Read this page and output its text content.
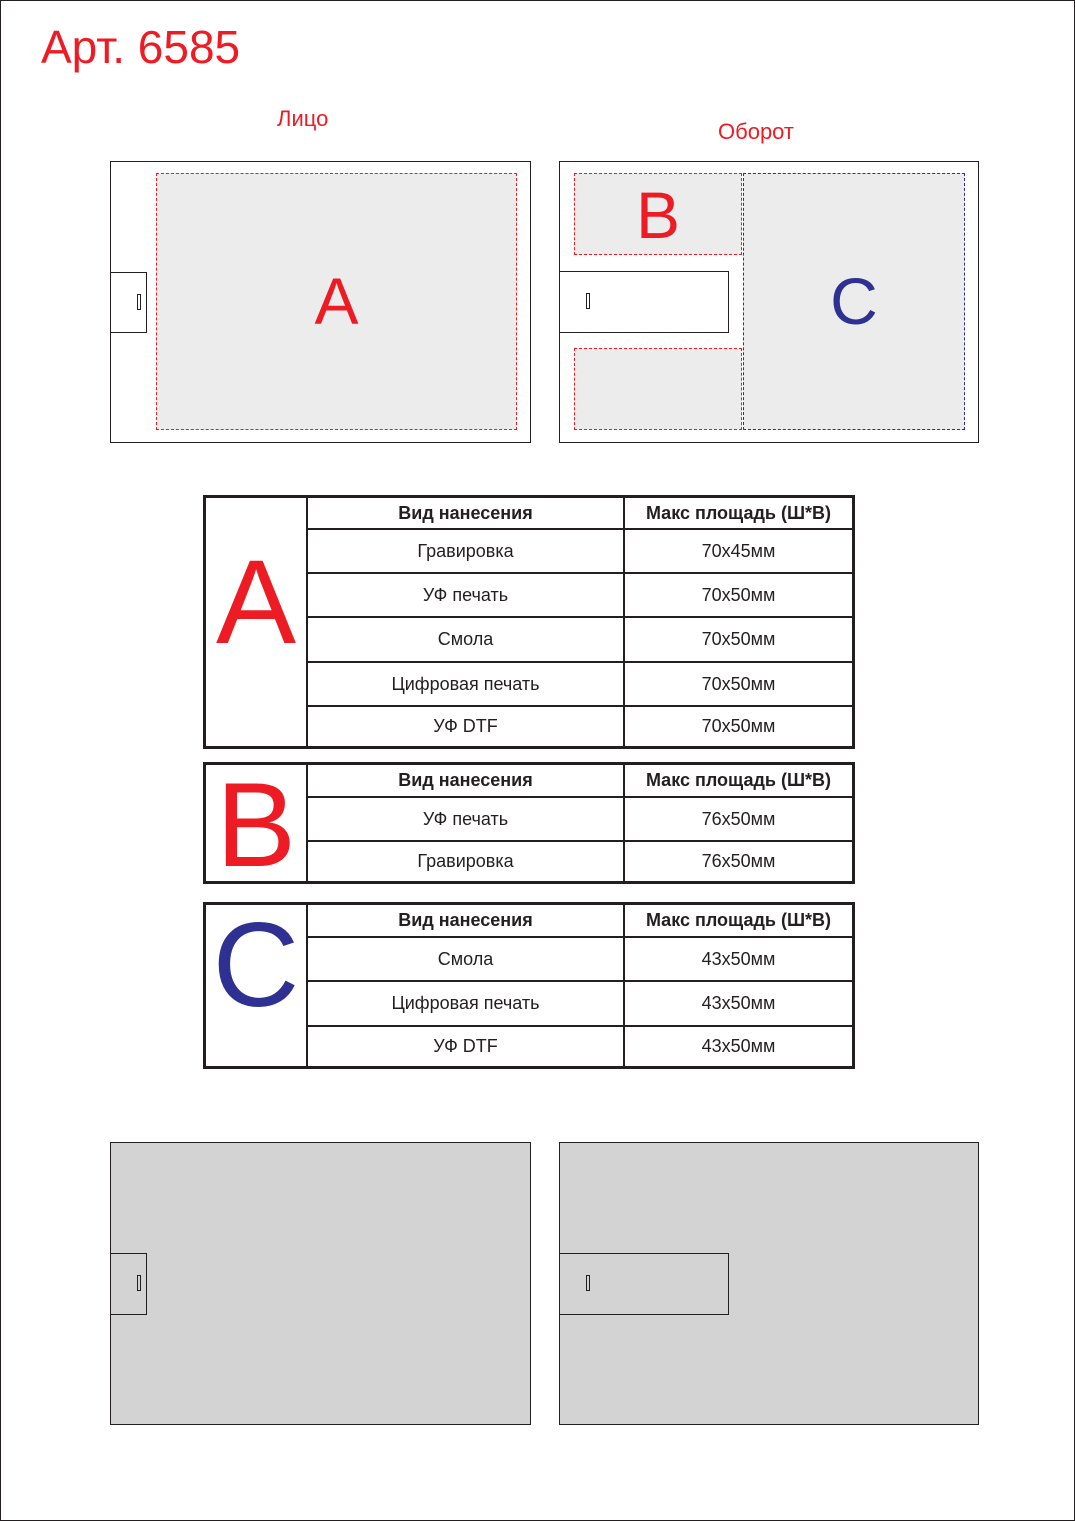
Арт. 6585
Лицо
Оборот
A
B
C
A
Вид нанесения	Макс площадь (Ш*В)
Гравировка	70х45мм
УФ печать	70х50мм
Смола	70х50мм
Цифровая печать	70х50мм
УФ DTF	70х50мм
B	Вид нанесения	Макс площадь (Ш*В)
УФ печать	76х50мм
Гравировка	76х50мм
C	Вид нанесения	Макс площадь (Ш*В)
Смола	43х50мм
Цифровая печать	43х50мм
УФ DTF	43х50мм
